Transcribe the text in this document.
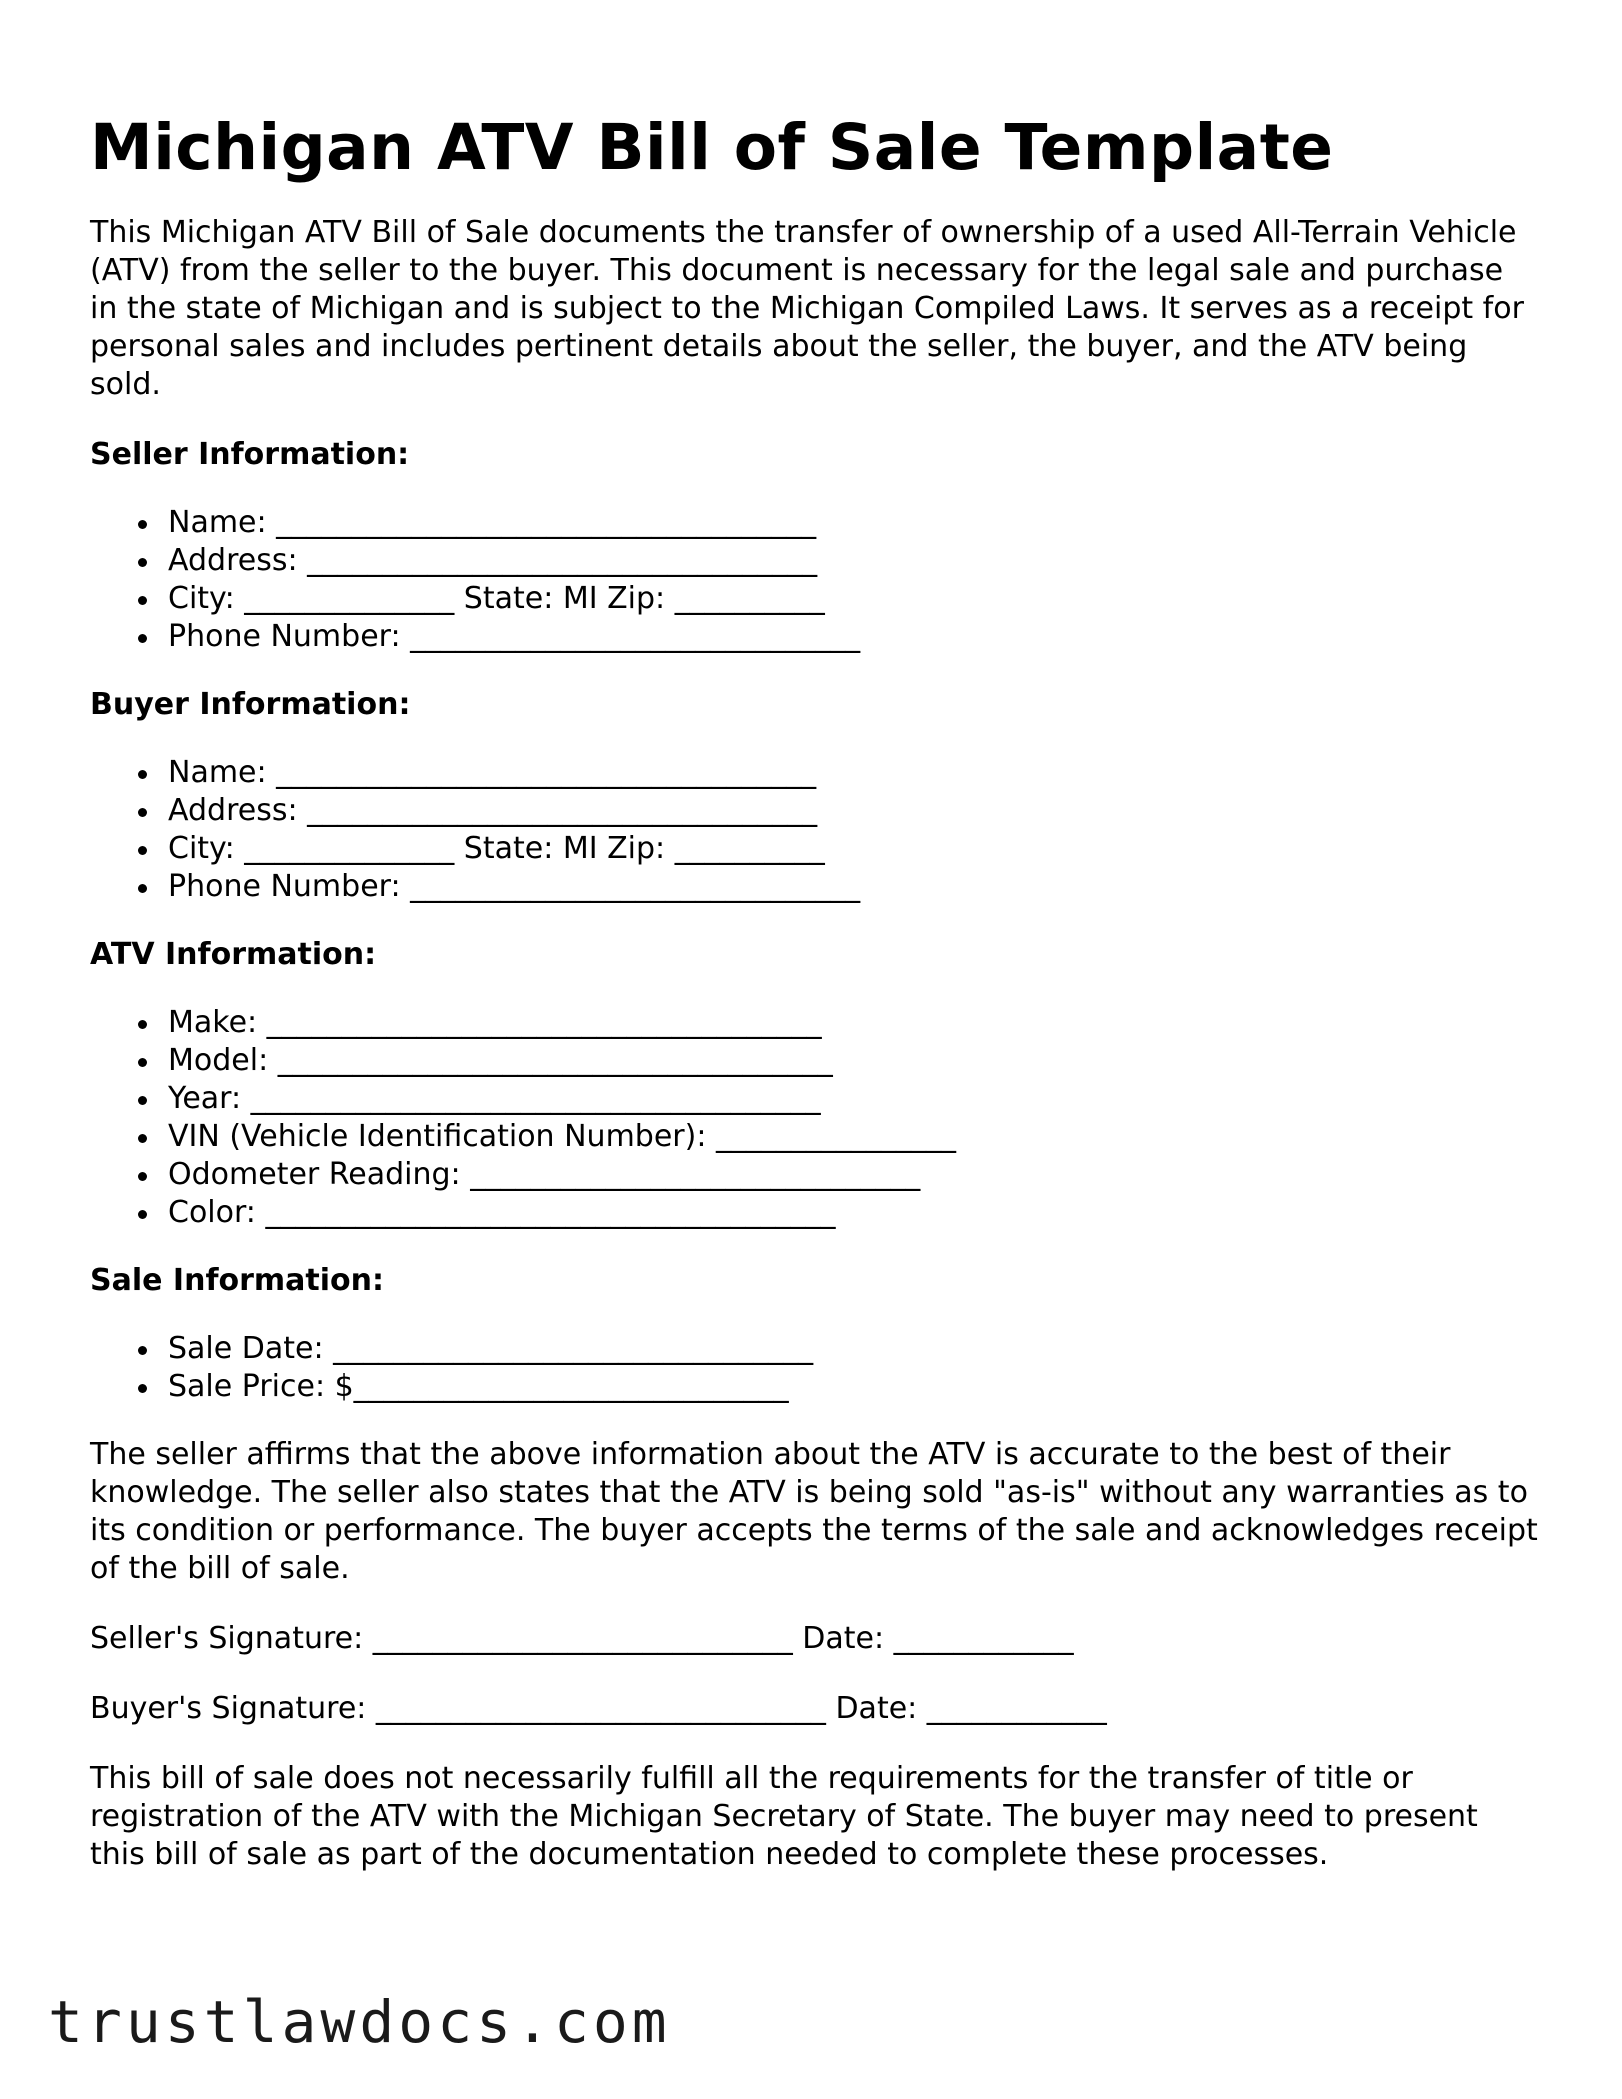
Michigan ATV Bill of Sale Template

This Michigan ATV Bill of Sale documents the transfer of ownership of a used All-Terrain Vehicle (ATV) from the seller to the buyer. This document is necessary for the legal sale and purchase in the state of Michigan and is subject to the Michigan Compiled Laws. It serves as a receipt for personal sales and includes pertinent details about the seller, the buyer, and the ATV being sold.

Seller Information:
Name: ____________________________________
Address: __________________________________
City: ______________ State: MI Zip: __________
Phone Number: ______________________________
Buyer Information:
Name: ____________________________________
Address: __________________________________
City: ______________ State: MI Zip: __________
Phone Number: ______________________________
ATV Information:
Make: _____________________________________
Model: _____________________________________
Year: ______________________________________
VIN (Vehicle Identification Number): ________________
Odometer Reading: ______________________________
Color: ______________________________________
Sale Information:
Sale Date: ________________________________
Sale Price: $_____________________________

The seller affirms that the above information about the ATV is accurate to the best of their knowledge. The seller also states that the ATV is being sold "as-is" without any warranties as to its condition or performance. The buyer accepts the terms of the sale and acknowledges receipt of the bill of sale.

Seller's Signature: ____________________________ Date: ____________
Buyer's Signature: ______________________________ Date: ____________

This bill of sale does not necessarily fulfill all the requirements for the transfer of title or registration of the ATV with the Michigan Secretary of State. The buyer may need to present this bill of sale as part of the documentation needed to complete these processes.

trustlawdocs.com
